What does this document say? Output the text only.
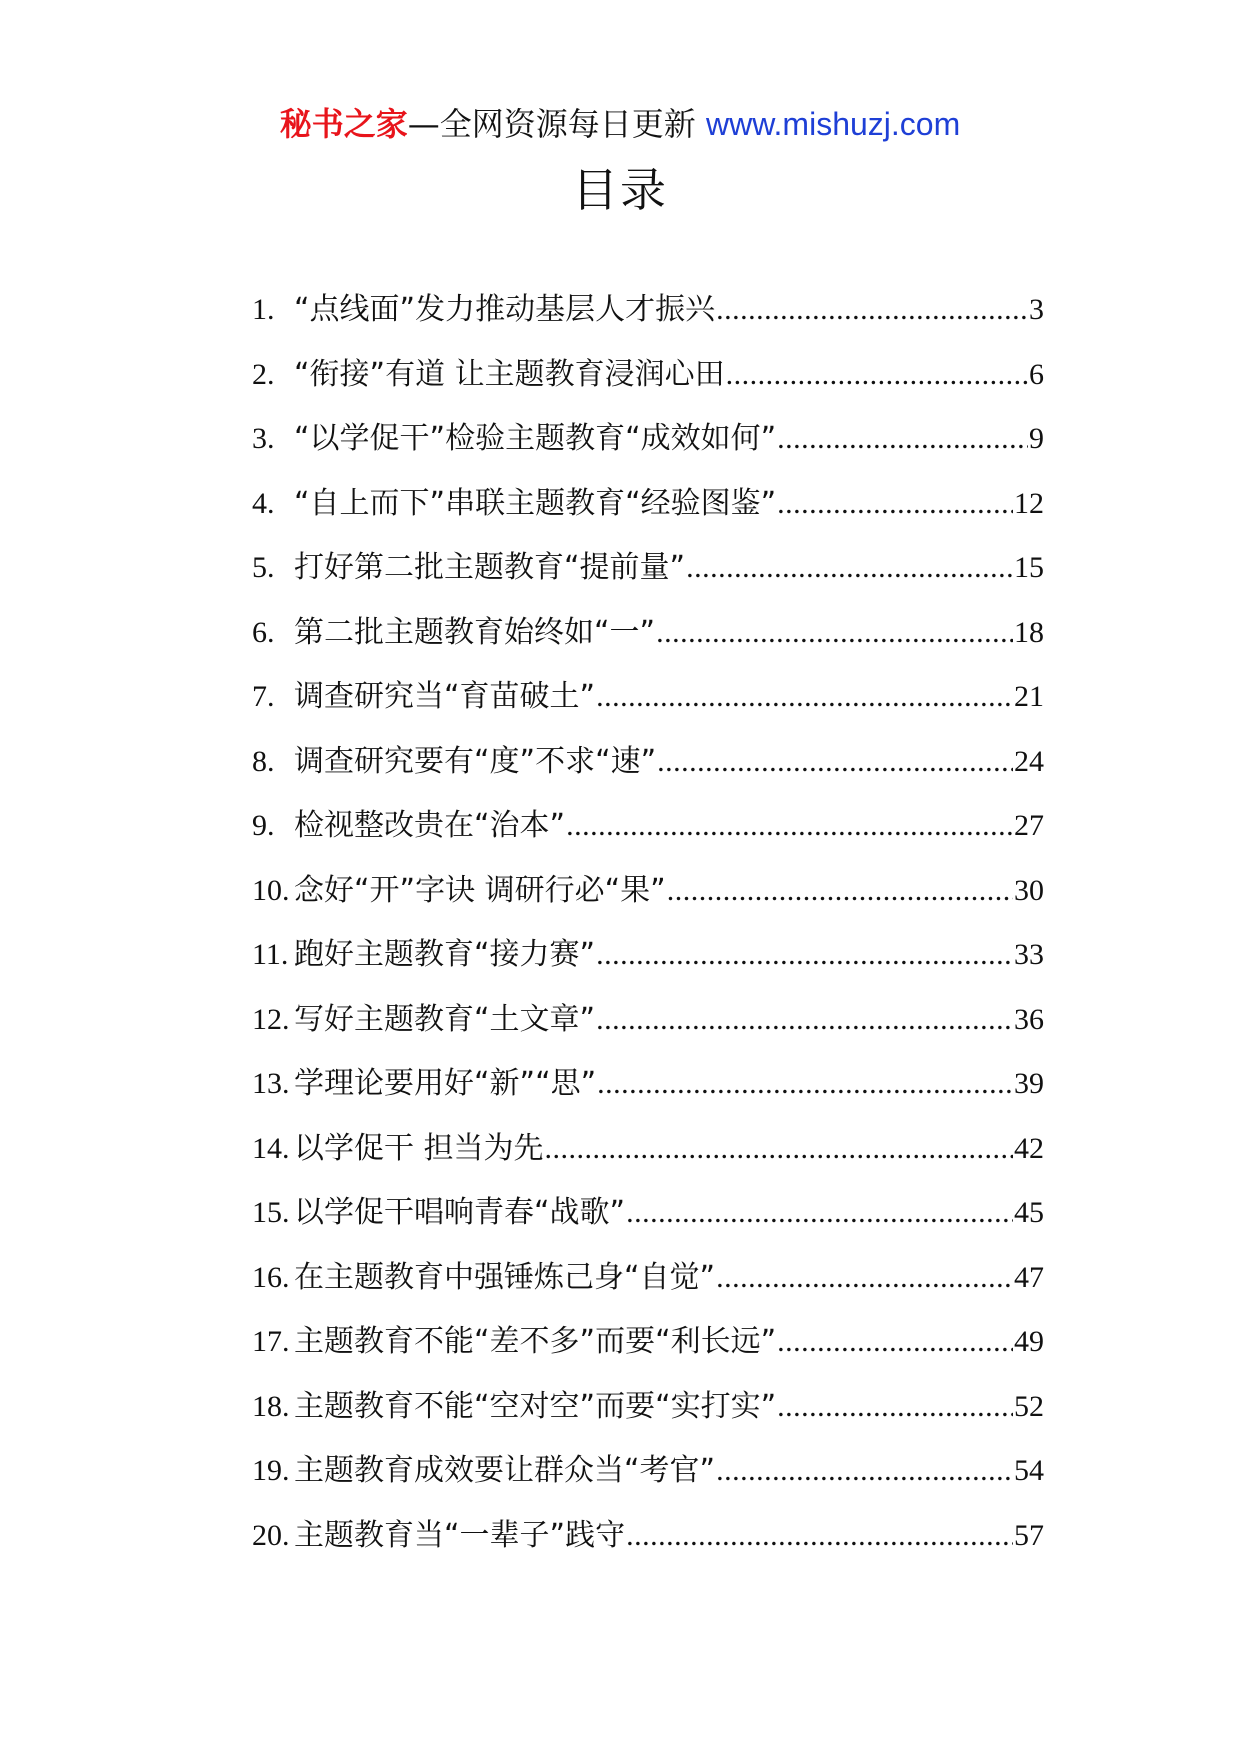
秘书之家—全网资源每日更新 www.mishuzj.com
目录
1. “点线面”发力推动基层人才振兴 .....	3
2. “衔接”有道 让主题教育浸润心田 .....	6
3. “以学促干”检验主题教育“成效如何” .....	9
4. “自上而下”串联主题教育“经验图鉴” .....	12
5. 打好第二批主题教育“提前量” .....	15
6. 第二批主题教育始终如“一” .....	18
7. 调查研究当“育苗破土” .....	21
8. 调查研究要有“度”不求“速” .....	24
9. 检视整改贵在“治本” .....	27
10. 念好“开”字诀 调研行必“果” .....	30
11. 跑好主题教育“接力赛” .....	33
12. 写好主题教育“土文章” .....	36
13. 学理论要用好“新”“思” .....	39
14. 以学促干 担当为先 .....	42
15. 以学促干唱响青春“战歌” .....	45
16. 在主题教育中强锤炼己身“自觉” .....	47
17. 主题教育不能“差不多”而要“利长远” .....	49
18. 主题教育不能“空对空”而要“实打实” .....	52
19. 主题教育成效要让群众当“考官” .....	54
20. 主题教育当“一辈子”践守 .....	57
